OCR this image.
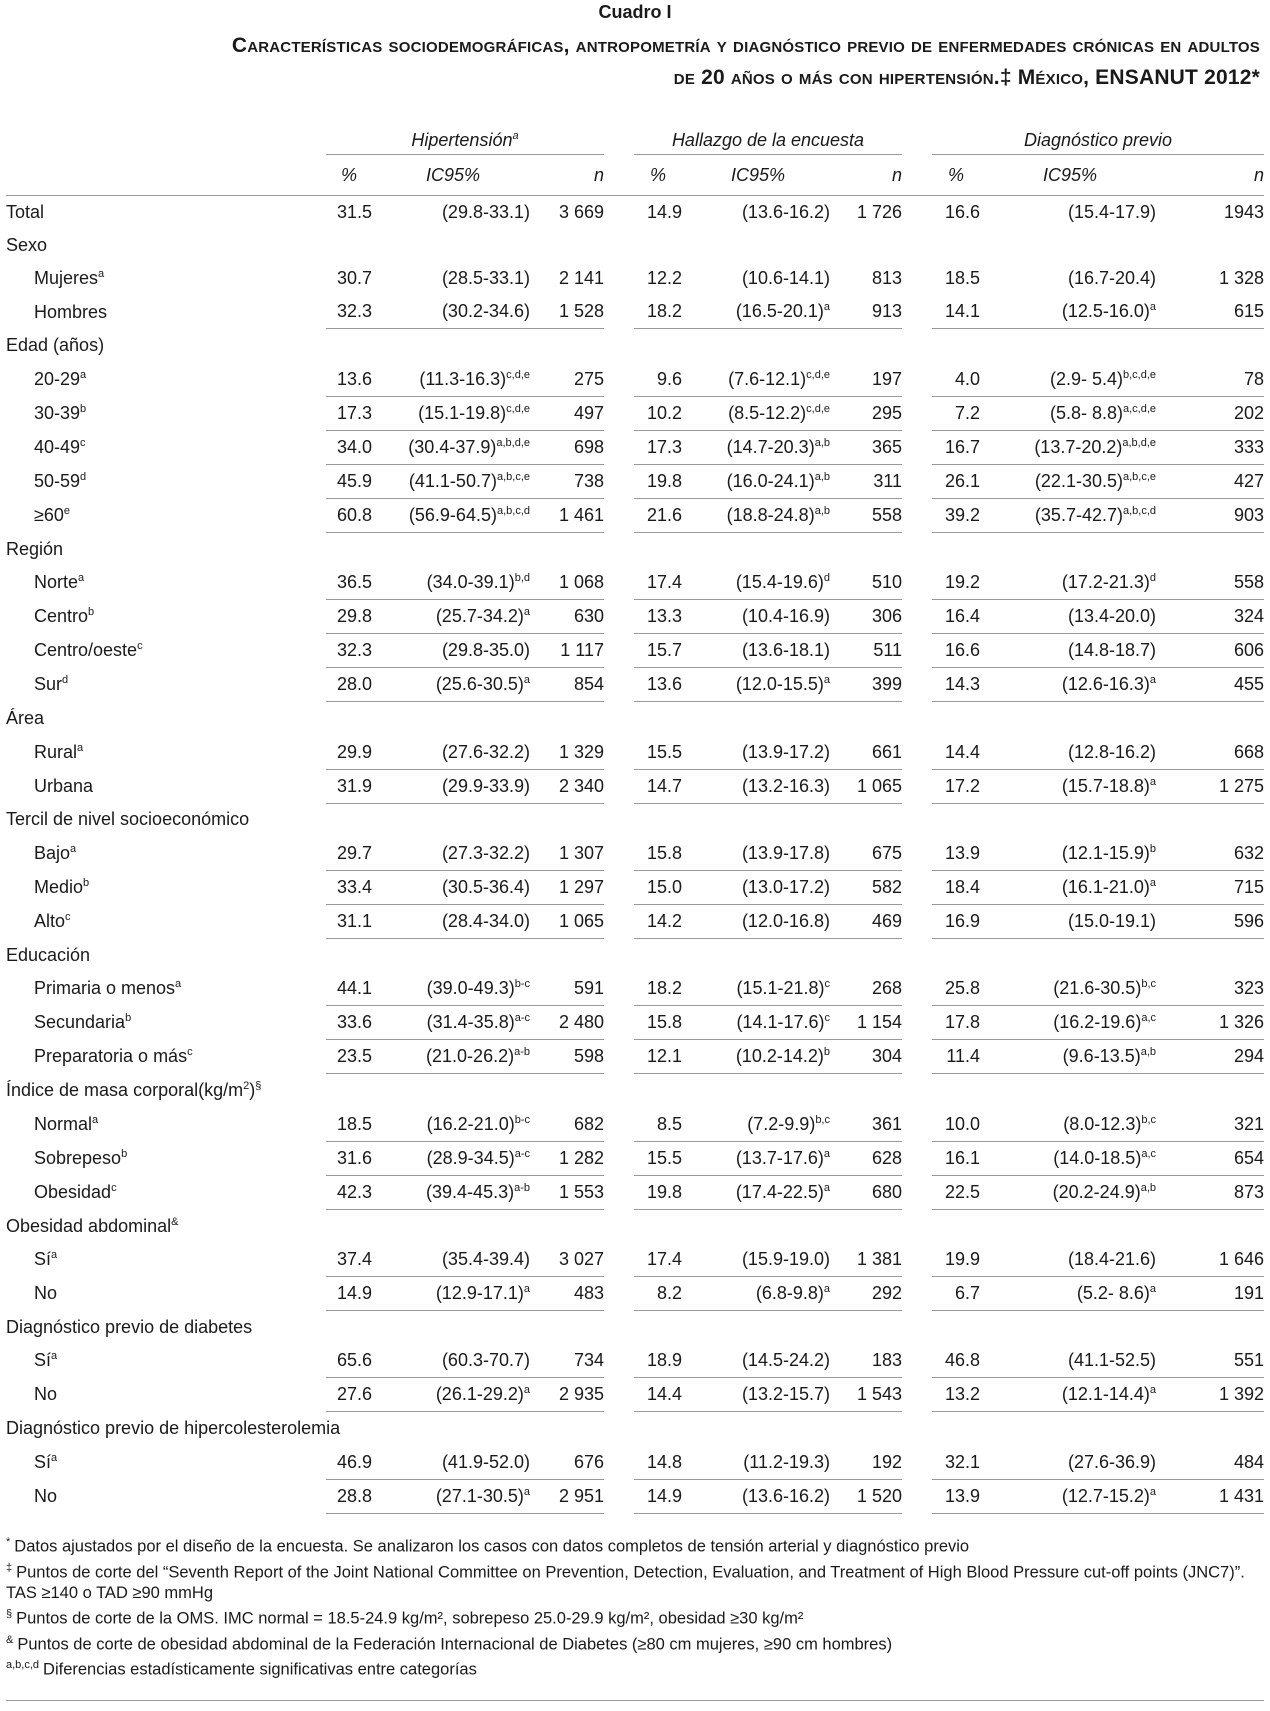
Cuadro I
Características sociodemográficas, antropometría y diagnóstico previo de enfermedades crónicas en adultos
de 20 años o más con hipertensión.‡ México, ENSANUT 2012*
	Hipertensión$^a$				Hallazgo de la encuesta				Diagnóstico previo		
	%	IC95%	n		%	IC95%	n		%	IC95%	n
Total	31.5	(29.8-33.1)	3 669		14.9	(13.6-16.2)	1 726		16.6	(15.4-17.9)	1943
Sexo											
Mujeres$^a$	30.7	(28.5-33.1)	2 141		12.2	(10.6-14.1)	813		18.5	(16.7-20.4)	1 328
Hombres	32.3	(30.2-34.6)	1 528		18.2	$(16.5-20.1)^a$	913		14.1	$(12.5-16.0)^a$	615
Edad (años)											
20-29$^a$	13.6	$(11.3-16.3)^{c,d,e}$	275		9.6	$(7.6-12.1)^{c,d,e}$	197		4.0	(2.9- 5.4)$^{b,c,d,e}$	78
30-39$^b$	17.3	$(15.1-19.8)^{c,d,e}$	497		10.2	$(8.5-12.2)^{c,d,e}$	295		7.2	(5.8- 8.8)$^{a,c,d,e}$	202
40-49$^c$	34.0	$(30.4-37.9)^{a,b,d,e}$	698		17.3	$(14.7-20.3)^{a,b}$	365		16.7	$(13.7-20.2)^{a,b,d,e}$	333
50-59$^d$	45.9	$(41.1-50.7)^{a,b,c,e}$	738		19.8	$(16.0-24.1)^{a,b}$	311		26.1	$(22.1-30.5)^{a,b,c,e}$	427
$\ge 60^e$	60.8	$(56.9-64.5)^{a,b,c,d}$	1 461		21.6	$(18.8-24.8)^{a,b}$	558		39.2	$(35.7-42.7)^{a,b,c,d}$	903
Región											
Norte$^a$	36.5	$(34.0-39.1)^{b,d}$	1 068		17.4	$(15.4-19.6)^d$	510		19.2	$(17.2-21.3)^d$	558
Centro$^b$	29.8	$(25.7-34.2)^a$	630		13.3	(10.4-16.9)	306		16.4	(13.4-20.0)	324
Centro/oeste$^c$	32.3	(29.8-35.0)	1 117		15.7	(13.6-18.1)	511		16.6	(14.8-18.7)	606
Sur$^d$	28.0	$(25.6-30.5)^a$	854		13.6	$(12.0-15.5)^a$	399		14.3	$(12.6-16.3)^a$	455
Área											
Rural$^a$	29.9	(27.6-32.2)	1 329		15.5	(13.9-17.2)	661		14.4	(12.8-16.2)	668
Urbana	31.9	(29.9-33.9)	2 340		14.7	(13.2-16.3)	1 065		17.2	$(15.7-18.8)^a$	1 275
Tercil de nivel socioeconómico											
Bajo$^a$	29.7	(27.3-32.2)	1 307		15.8	(13.9-17.8)	675		13.9	$(12.1-15.9)^b$	632
Medio$^b$	33.4	(30.5-36.4)	1 297		15.0	(13.0-17.2)	582		18.4	$(16.1-21.0)^a$	715
Alto$^c$	31.1	(28.4-34.0)	1 065		14.2	(12.0-16.8)	469		16.9	(15.0-19.1)	596
Educación											
Primaria o menos$^a$	44.1	$(39.0-49.3)^{b-c}$	591		18.2	$(15.1-21.8)^c$	268		25.8	$(21.6-30.5)^{b,c}$	323
Secundaria$^b$	33.6	$(31.4-35.8)^{a-c}$	2 480		15.8	$(14.1-17.6)^c$	1 154		17.8	$(16.2-19.6)^{a,c}$	1 326
Preparatoria o más$^c$	23.5	$(21.0-26.2)^{a-b}$	598		12.1	$(10.2-14.2)^b$	304		11.4	$(9.6-13.5)^{a,b}$	294
Índice de masa $corporal(kg/m^2)^\S$	
Normal$^a$	18.5	$(16.2-21.0)^{b-c}$	682		8.5	$(7.2-9.9)^{b,c}$	361		10.0	$(8.0-12.3)^{b,c}$	321
Sobrepeso$^b$	31.6	$(28.9-34.5)^{a-c}$	1 282		15.5	$(13.7-17.6)^a$	628		16.1	$(14.0-18.5)^{a,c}$	654
Obesidad$^c$	42.3	$(39.4-45.3)^{a-b}$	1 553		19.8	$(17.4-22.5)^a$	680		22.5	$(20.2-24.9)^{a,b}$	873
Obesidad abdominal&	
$Sí^a$	37.4	(35.4-39.4)	3 027		17.4	(15.9-19.0)	1 381		19.9	(18.4-21.6)	1 646
No	14.9	$(12.9-17.1)^a$	483		8.2	$(6.8-9.8)^a$	292		6.7	(5.2- 8.6)$^a$	191
Diagnóstico previo de diabetes											
$Sí^a$	65.6	(60.3-70.7)	734		18.9	(14.5-24.2)	183		46.8	(41.1-52.5)	551
No	27.6	$(26.1-29.2)^a$	2 935		14.4	(13.2-15.7)	1 543		13.2	$(12.1-14.4)^a$	1 392
Diagnóstico previo de hipercolesterolemia											
$Sí^a$	46.9	(41.9-52.0)	676		14.8	(11.2-19.3)	192		32.1	(27.6-36.9)	484
No	28.8	$(27.1-30.5)^a$	2 951		14.9	(13.6-16.2)	1 520		13.9	$(12.7-15.2)^a$	1 431

* Datos ajustados por el diseño de la encuesta. Se analizaron los casos con datos completos de tensión arterial y diagnóstico previo

‡ Puntos de corte del “Seventh Report of the Joint National Committee on Prevention, Detection, Evaluation, and Treatment of High Blood Pressure cut-off points (JNC7)”. TAS ≥140 o TAD ≥90 mmHg

§ Puntos de corte de la OMS. IMC normal = 18.5-24.9 kg/m², sobrepeso 25.0-29.9 kg/m², obesidad ≥30 kg/m²

& Puntos de corte de obesidad abdominal de la Federación Internacional de Diabetes (≥80 cm mujeres, ≥90 cm hombres)

$^{a,b,c,d}$ Diferencias estadísticamente significativas entre categorías
